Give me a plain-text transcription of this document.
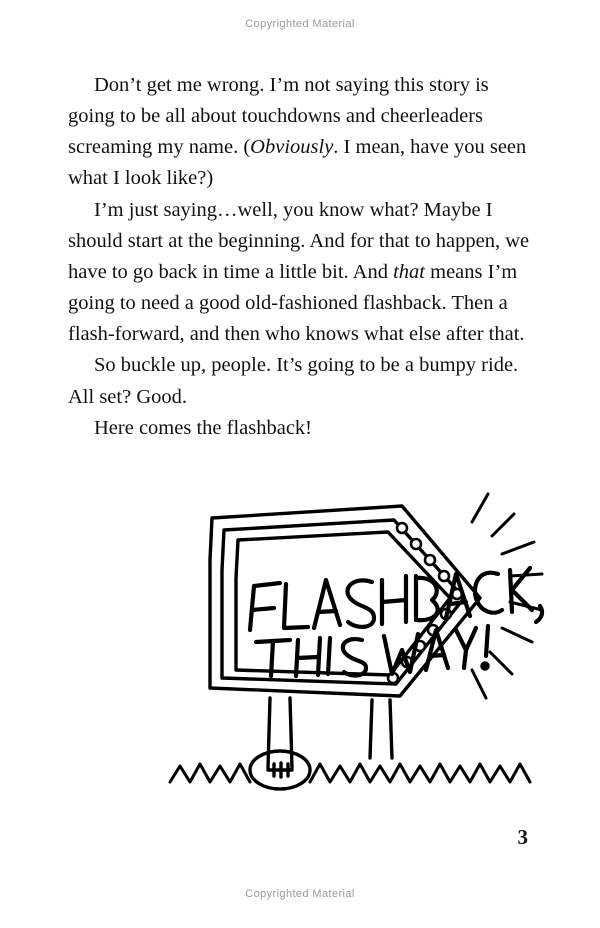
Copyrighted Material

Don’t get me wrong. I’m not saying this story is going to be all about touchdowns and cheerleaders screaming my name. (Obviously. I mean, have you seen what I look like?)

I’m just saying…well, you know what? Maybe I should start at the beginning. And for that to happen, we have to go back in time a little bit. And that means I’m going to need a good old-fashioned flashback. Then a flash-forward, and then who knows what else after that.

So buckle up, people. It’s going to be a bumpy ride. All set? Good.

Here comes the flashback!

3
Copyrighted Material
